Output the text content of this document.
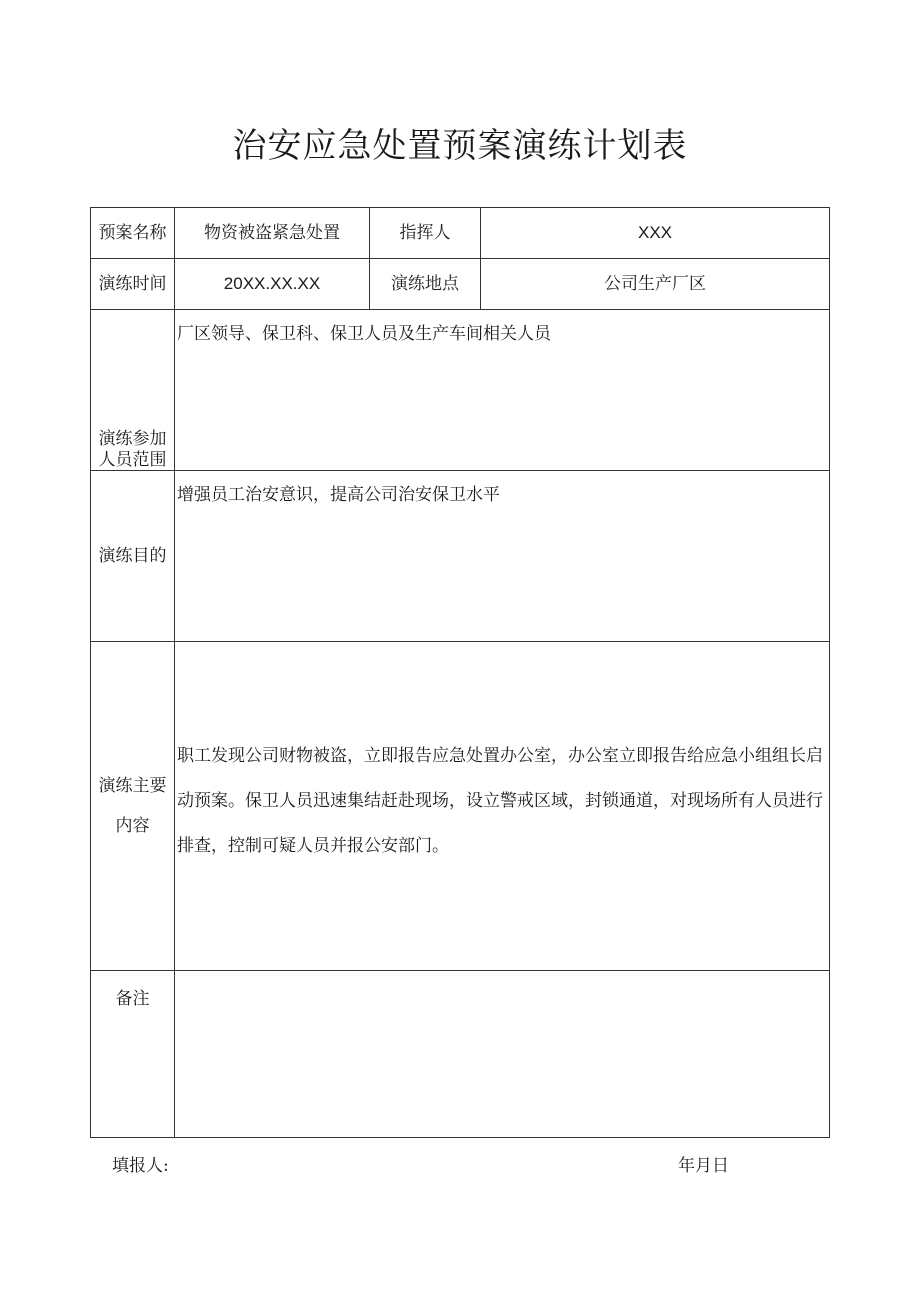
治安应急处置预案演练计划表
预案名称	物资被盗紧急处置	指挥人	XXX
演练时间	20XX.XX.XX	演练地点	公司生产厂区

演练参加
人员范围	厂区领导、保卫科、保卫人员及生产车间相关人员		
演练目的	增强员工治安意识，提高公司治安保卫水平		

演练主要
内容	职工发现公司财物被盗，立即报告应急处置办公室，办公室立即报告给应急小组组长启动预案。保卫人员迅速集结赶赴现场，设立警戒区域，封锁通道，对现场所有人员进行排查，控制可疑人员并报公安部门。		

备注			
填报人:	年月日
